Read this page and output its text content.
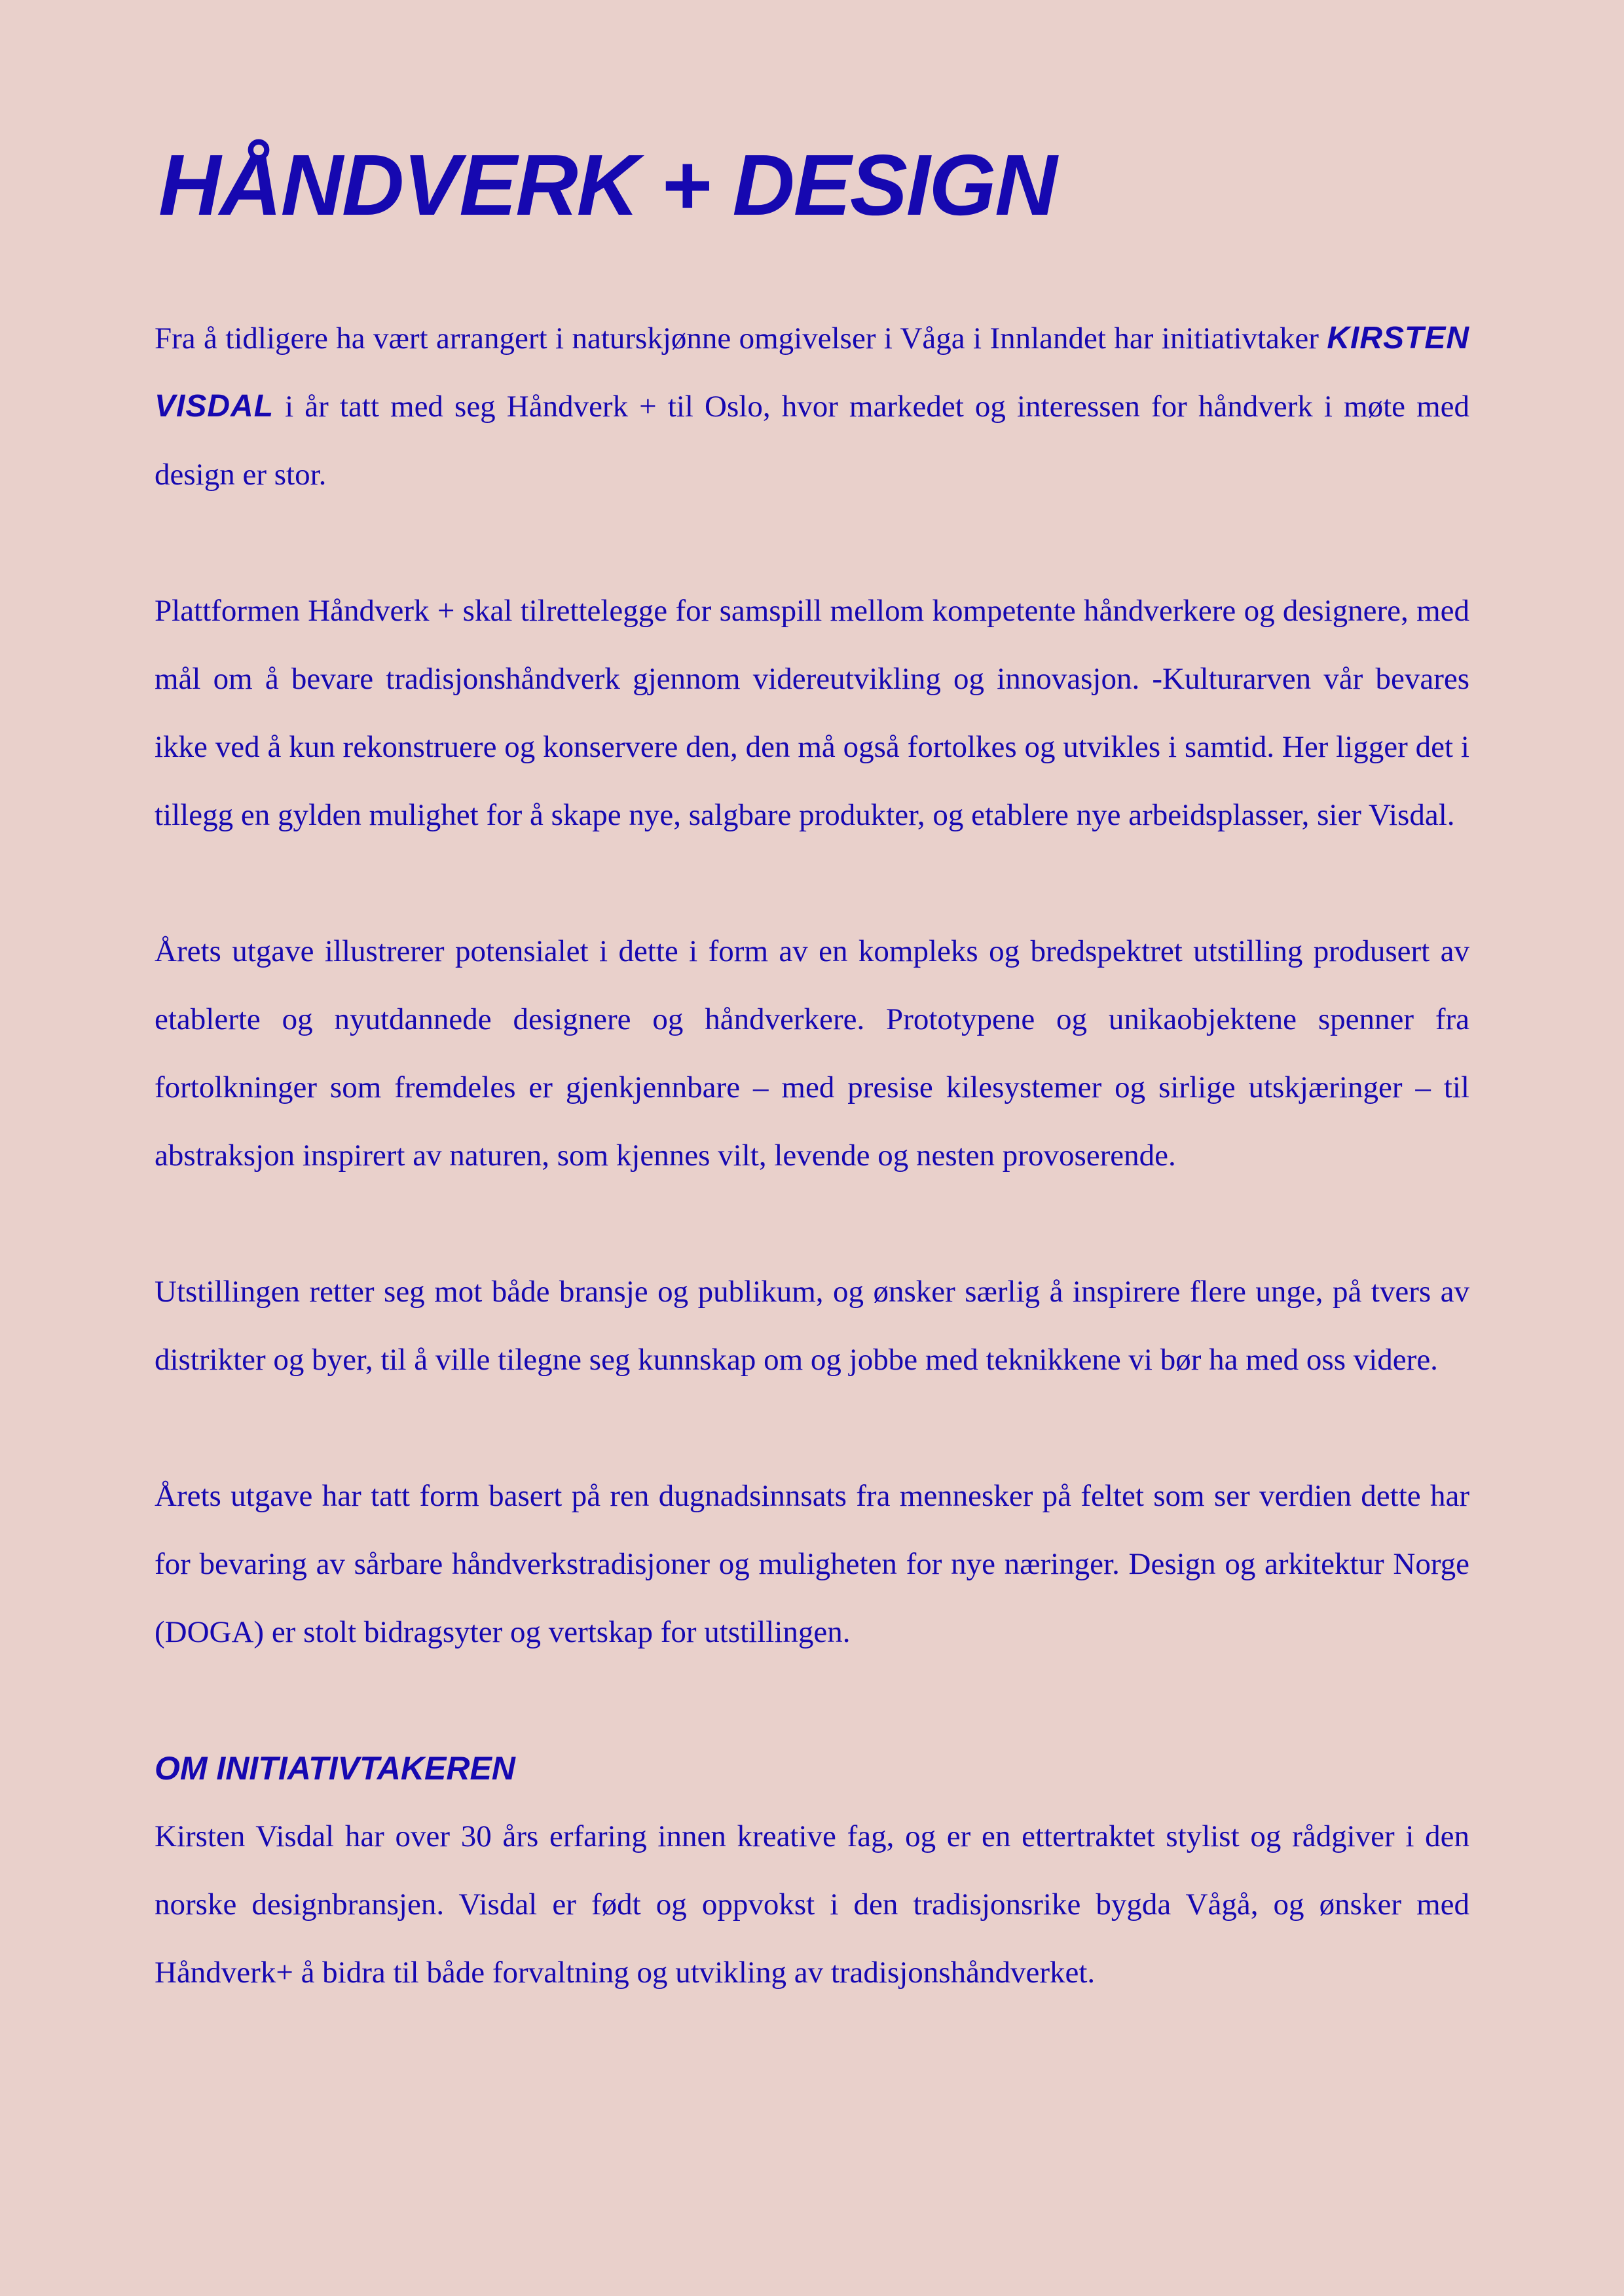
HÅNDVERK + DESIGN

Fra å tidligere ha vært arrangert i naturskjønne omgivelser i Våga i Innlandet har initiativtaker KIRSTEN VISDAL i år tatt med seg Håndverk + til Oslo, hvor markedet og interessen for håndverk i møte med design er stor.

Plattformen Håndverk + skal tilrettelegge for samspill mellom kompetente håndverkere og designere, med mål om å bevare tradisjonshåndverk gjennom videreutvikling og innovasjon. -Kulturarven vår bevares ikke ved å kun rekonstruere og konservere den, den må også fortolkes og utvikles i samtid. Her ligger det i tillegg en gylden mulighet for å skape nye, salgbare produkter, og etablere nye arbeidsplasser, sier Visdal.

Årets utgave illustrerer potensialet i dette i form av en kompleks og bredspektret utstilling produsert av etablerte og nyutdannede designere og håndverkere. Prototypene og unikaobjektene spenner fra fortolkninger som fremdeles er gjenkjennbare – med presise kilesystemer og sirlige utskjæringer – til abstraksjon inspirert av naturen, som kjennes vilt, levende og nesten provoserende.

Utstillingen retter seg mot både bransje og publikum, og ønsker særlig å inspirere flere unge, på tvers av distrikter og byer, til å ville tilegne seg kunnskap om og jobbe med teknikkene vi bør ha med oss videre.

Årets utgave har tatt form basert på ren dugnadsinnsats fra mennesker på feltet som ser verdien dette har for bevaring av sårbare håndverkstradisjoner og muligheten for nye næringer. Design og arkitektur Norge (DOGA) er stolt bidragsyter og vertskap for utstillingen.

OM INITIATIVTAKEREN

Kirsten Visdal har over 30 års erfaring innen kreative fag, og er en ettertraktet stylist og rådgiver i den norske designbransjen. Visdal er født og oppvokst i den tradisjonsrike bygda Vågå, og ønsker med Håndverk+ å bidra til både forvaltning og utvikling av tradisjonshåndverket.
